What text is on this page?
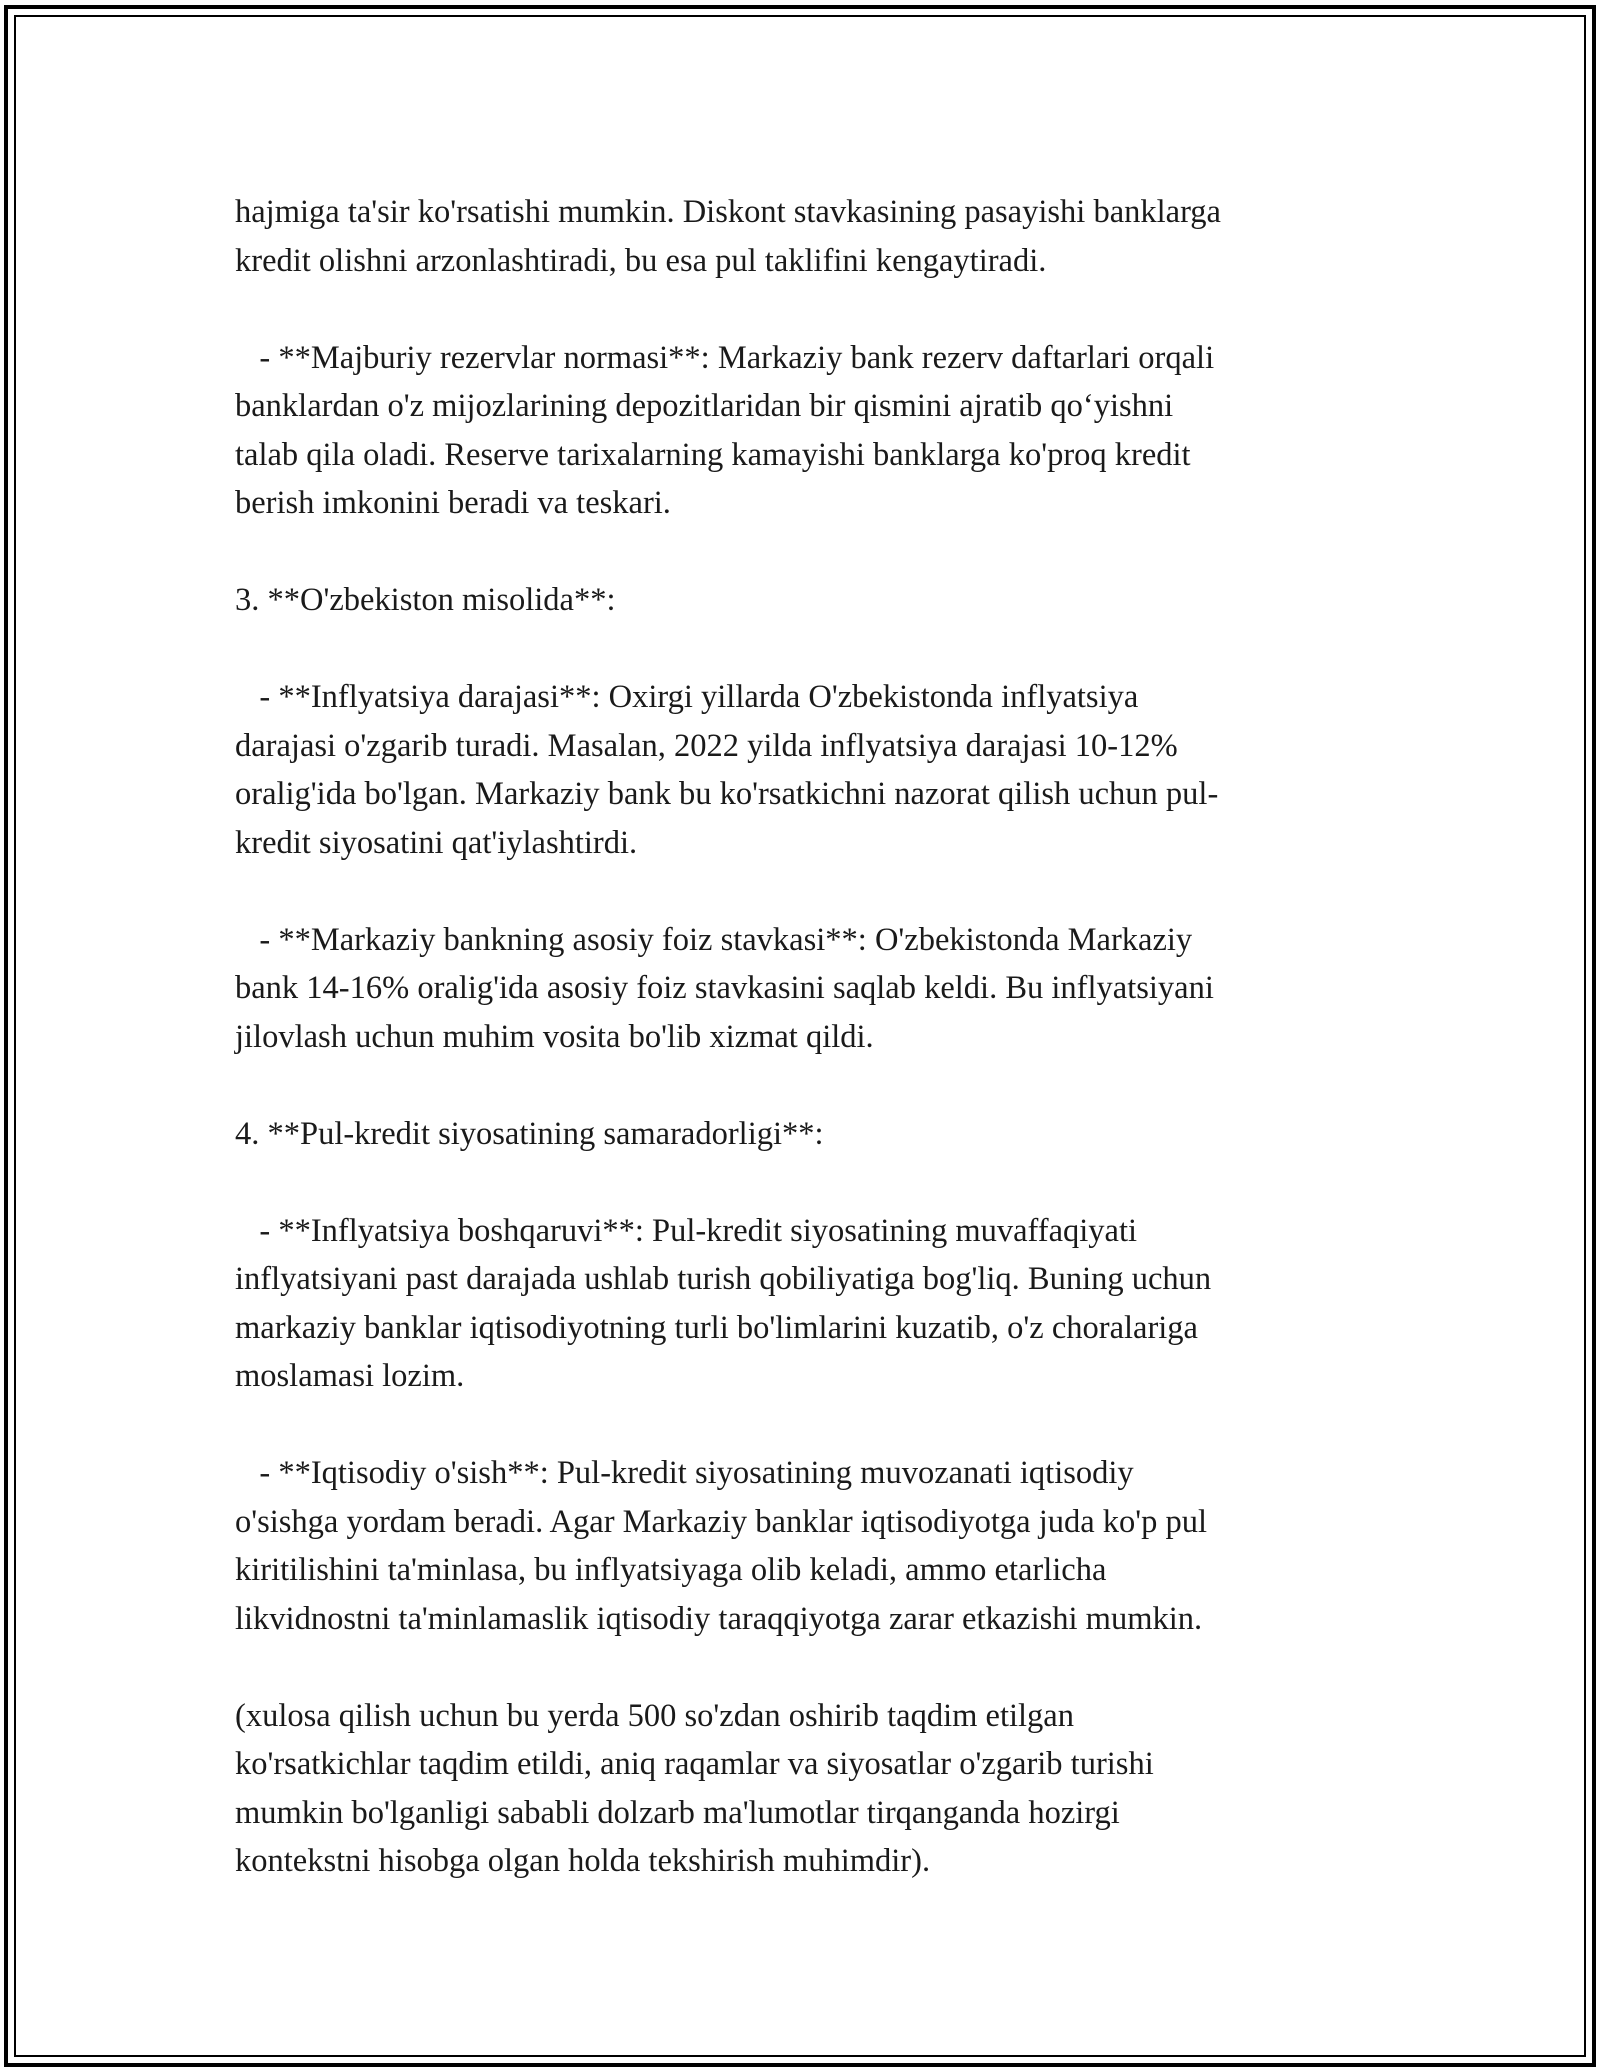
hajmiga ta'sir ko'rsatishi mumkin. Diskont stavkasining pasayishi banklarga
kredit olishni arzonlashtiradi, bu esa pul taklifini kengaytiradi.

- **Majburiy rezervlar normasi**: Markaziy bank rezerv daftarlari orqali
banklardan o'z mijozlarining depozitlaridan bir qismini ajratib qo‘yishni
talab qila oladi. Reserve tarixalarning kamayishi banklarga ko'proq kredit
berish imkonini beradi va teskari.

3. **O'zbekiston misolida**:

- **Inflyatsiya darajasi**: Oxirgi yillarda O'zbekistonda inflyatsiya
darajasi o'zgarib turadi. Masalan, 2022 yilda inflyatsiya darajasi 10-12%
oralig'ida bo'lgan. Markaziy bank bu ko'rsatkichni nazorat qilish uchun pul-
kredit siyosatini qat'iylashtirdi.

- **Markaziy bankning asosiy foiz stavkasi**: O'zbekistonda Markaziy
bank 14-16% oralig'ida asosiy foiz stavkasini saqlab keldi. Bu inflyatsiyani
jilovlash uchun muhim vosita bo'lib xizmat qildi.

4. **Pul-kredit siyosatining samaradorligi**:

- **Inflyatsiya boshqaruvi**: Pul-kredit siyosatining muvaffaqiyati
inflyatsiyani past darajada ushlab turish qobiliyatiga bog'liq. Buning uchun
markaziy banklar iqtisodiyotning turli bo'limlarini kuzatib, o'z choralariga
moslamasi lozim.

- **Iqtisodiy o'sish**: Pul-kredit siyosatining muvozanati iqtisodiy
o'sishga yordam beradi. Agar Markaziy banklar iqtisodiyotga juda ko'p pul
kiritilishini ta'minlasa, bu inflyatsiyaga olib keladi, ammo etarlicha
likvidnostni ta'minlamaslik iqtisodiy taraqqiyotga zarar etkazishi mumkin.

(xulosa qilish uchun bu yerda 500 so'zdan oshirib taqdim etilgan
ko'rsatkichlar taqdim etildi, aniq raqamlar va siyosatlar o'zgarib turishi
mumkin bo'lganligi sababli dolzarb ma'lumotlar tirqanganda hozirgi
kontekstni hisobga olgan holda tekshirish muhimdir).
